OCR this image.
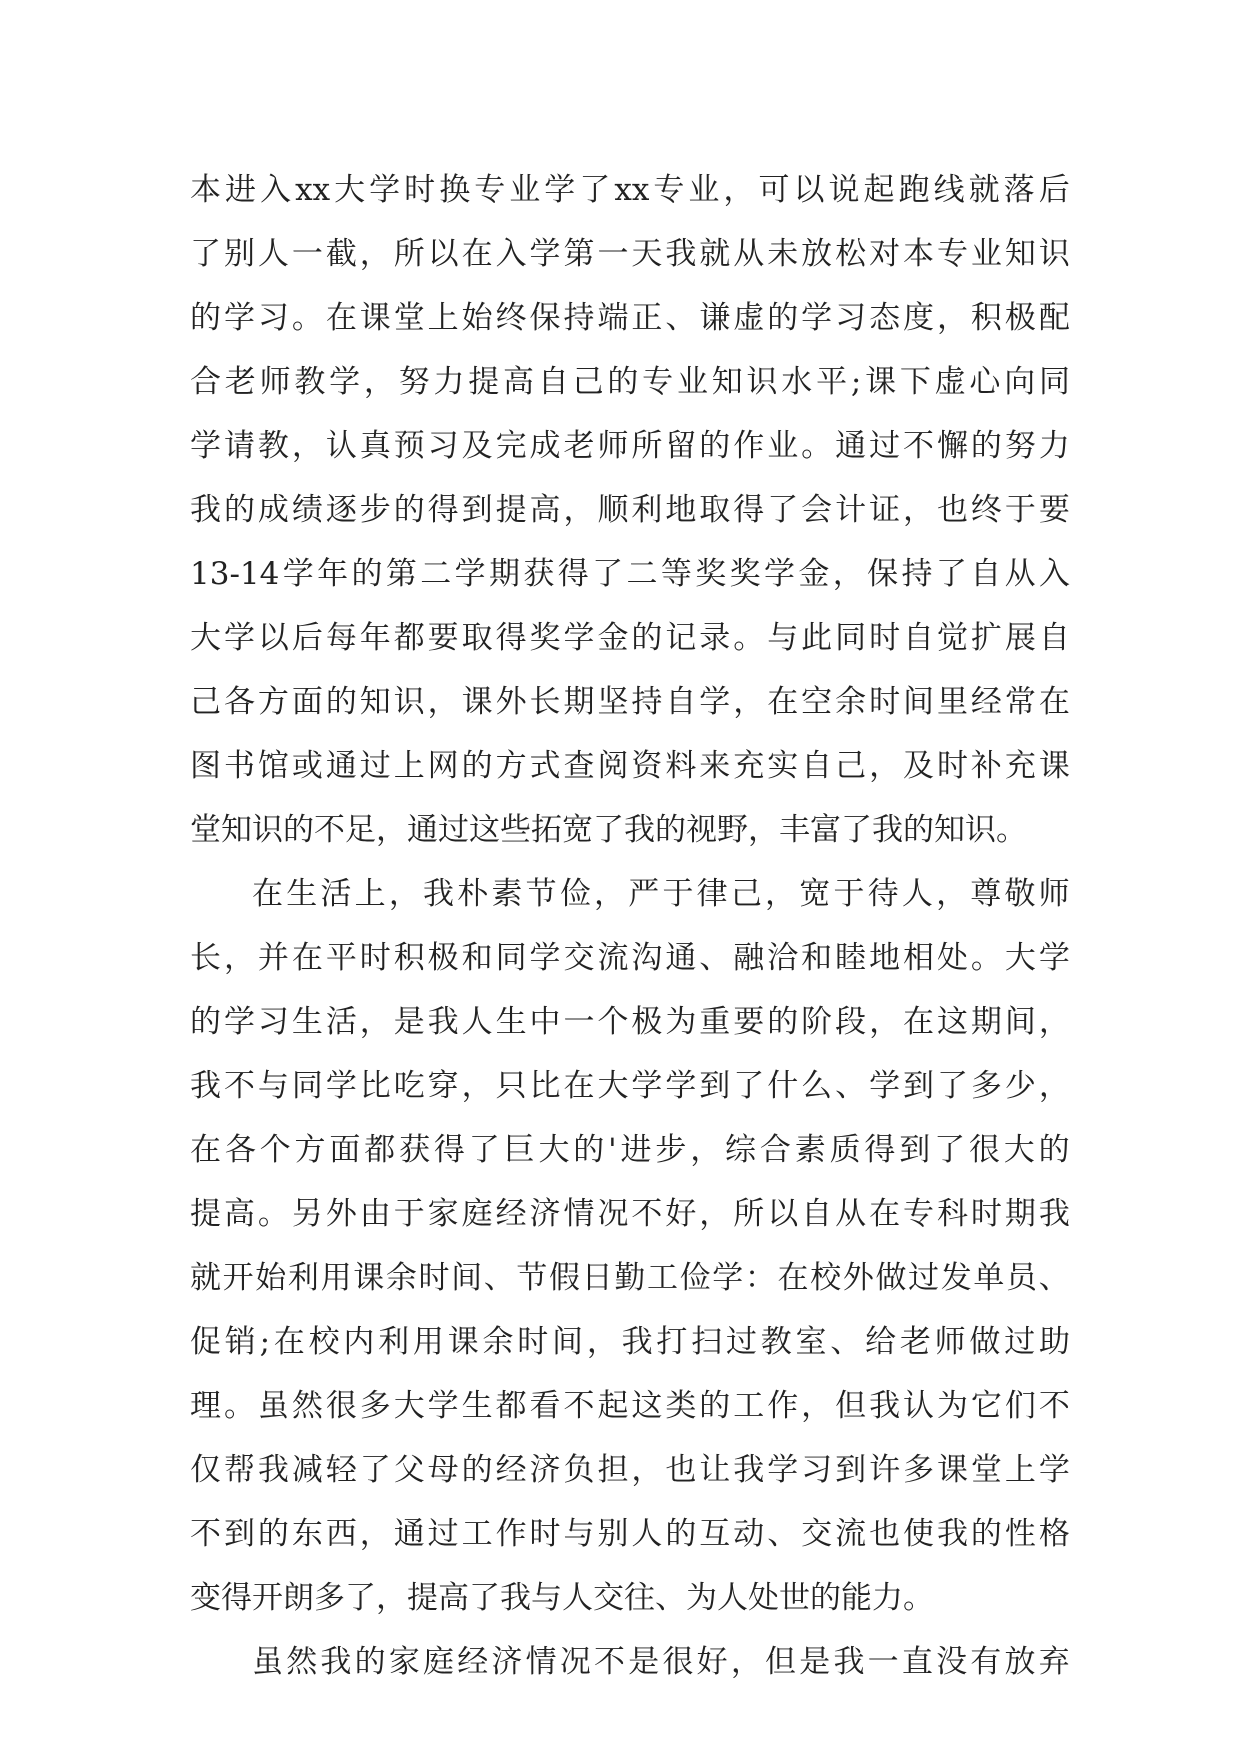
本 进 入 xx 大 学 时 换 专 业 学 了 xx 专 业 ， 可 以 说 起 跑 线 就 落 后
了 别 人 一 截 ， 所 以 在 入 学 第 一 天 我 就 从 未 放 松 对 本 专 业 知 识
的 学 习 。 在 课 堂 上 始 终 保 持 端 正 、 谦 虚 的 学 习 态 度 ， 积 极 配
合 老 师 教 学 ， 努 力 提 高 自 己 的 专 业 知 识 水 平 ; 课 下 虚 心 向 同
学 请 教 ， 认 真 预 习 及 完 成 老 师 所 留 的 作 业 。 通 过 不 懈 的 努 力
我 的 成 绩 逐 步 的 得 到 提 高 ， 顺 利 地 取 得 了 会 计 证 ， 也 终 于 要
13-14 学 年 的 第 二 学 期 获 得 了 二 等 奖 奖 学 金 ， 保 持 了 自 从 入
大 学 以 后 每 年 都 要 取 得 奖 学 金 的 记 录 。 与 此 同 时 自 觉 扩 展 自
己 各 方 面 的 知 识 ， 课 外 长 期 坚 持 自 学 ， 在 空 余 时 间 里 经 常 在
图 书 馆 或 通 过 上 网 的 方 式 查 阅 资 料 来 充 实 自 己 ， 及 时 补 充 课
堂知识的不足，通过这些拓宽了我的视野，丰富了我的知识。
在 生 活 上 ， 我 朴 素 节 俭 ， 严 于 律 己 ， 宽 于 待 人 ， 尊 敬 师
长 ， 并 在 平 时 积 极 和 同 学 交 流 沟 通 、 融 洽 和 睦 地 相 处 。 大 学
的 学 习 生 活 ， 是 我 人 生 中 一 个 极 为 重 要 的 阶 段 ， 在 这 期 间 ，
我 不 与 同 学 比 吃 穿 ， 只 比 在 大 学 学 到 了 什 么 、 学 到 了 多 少 ，
在 各 个 方 面 都 获 得 了 巨 大 的 ' 进 步 ， 综 合 素 质 得 到 了 很 大 的
提 高 。 另 外 由 于 家 庭 经 济 情 况 不 好 ， 所 以 自 从 在 专 科 时 期 我
就 开 始 利 用 课 余 时 间 、 节 假 日 勤 工 俭 学 ： 在 校 外 做 过 发 单 员 、
促 销 ; 在 校 内 利 用 课 余 时 间 ， 我 打 扫 过 教 室 、 给 老 师 做 过 助
理 。 虽 然 很 多 大 学 生 都 看 不 起 这 类 的 工 作 ， 但 我 认 为 它 们 不
仅 帮 我 减 轻 了 父 母 的 经 济 负 担 ， 也 让 我 学 习 到 许 多 课 堂 上 学
不 到 的 东 西 ， 通 过 工 作 时 与 别 人 的 互 动 、 交 流 也 使 我 的 性 格
变得开朗多了，提高了我与人交往、为人处世的能力。
虽 然 我 的 家 庭 经 济 情 况 不 是 很 好 ， 但 是 我 一 直 没 有 放 弃
